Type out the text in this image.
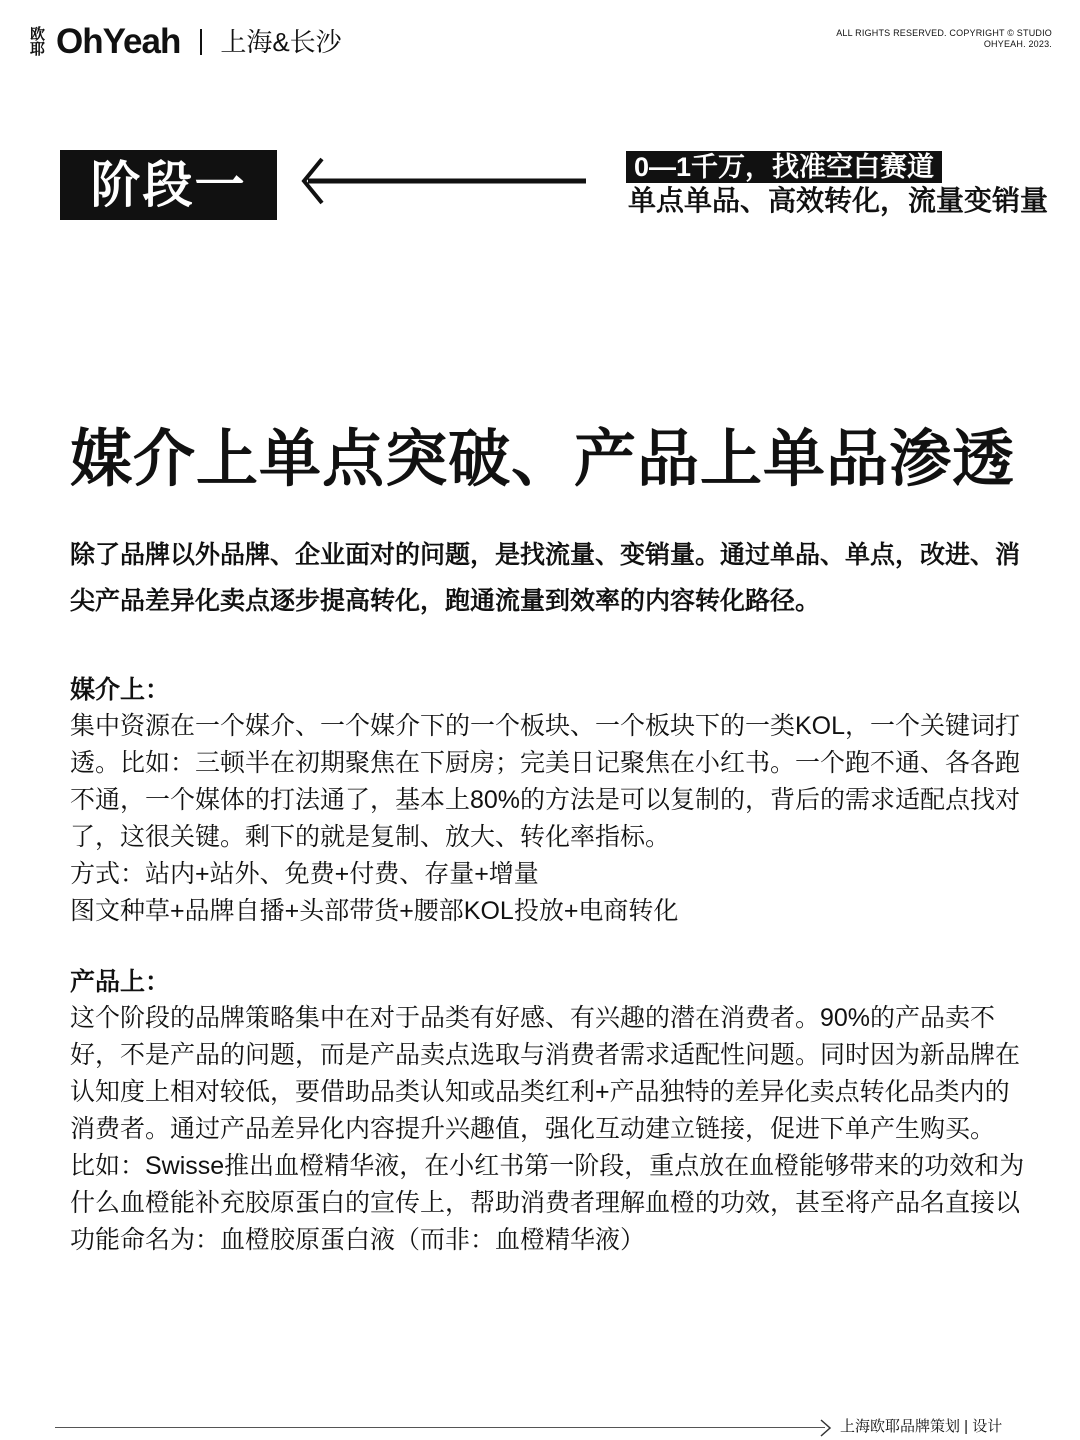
欧耶 OhYeah 上海&长沙	ALL RIGHTS RESERVED. COPYRIGHT © STUDIO
OHYEAH. 2023.
阶段一	0—1千万，找准空白赛道
单点单品、高效转化，流量变销量
媒介上单点突破、产品上单品渗透
除了品牌以外品牌、企业面对的问题，是找流量、变销量。通过单品、单点，改进、消尖产品差异化卖点逐步提高转化，跑通流量到效率的内容转化路径。
媒介上：

集中资源在一个媒介、一个媒介下的一个板块、一个板块下的一类KOL，一个关键词打透。比如：三顿半在初期聚焦在下厨房；完美日记聚焦在小红书。一个跑不通、各各跑不通，一个媒体的打法通了，基本上80%的方法是可以复制的，背后的需求适配点找对了，这很关键。剩下的就是复制、放大、转化率指标。

方式：站内+站外、免费+付费、存量+增量

图文种草+品牌自播+头部带货+腰部KOL投放+电商转化

产品上：

这个阶段的品牌策略集中在对于品类有好感、有兴趣的潜在消费者。90%的产品卖不好，不是产品的问题，而是产品卖点选取与消费者需求适配性问题。同时因为新品牌在认知度上相对较低，要借助品类认知或品类红利+产品独特的差异化卖点转化品类内的消费者。通过产品差异化内容提升兴趣值，强化互动建立链接，促进下单产生购买。

比如：Swisse推出血橙精华液，在小红书第一阶段，重点放在血橙能够带来的功效和为什么血橙能补充胶原蛋白的宣传上，帮助消费者理解血橙的功效，甚至将产品名直接以功能命名为：血橙胶原蛋白液（而非：血橙精华液）

上海欧耶品牌策划 | 设计
